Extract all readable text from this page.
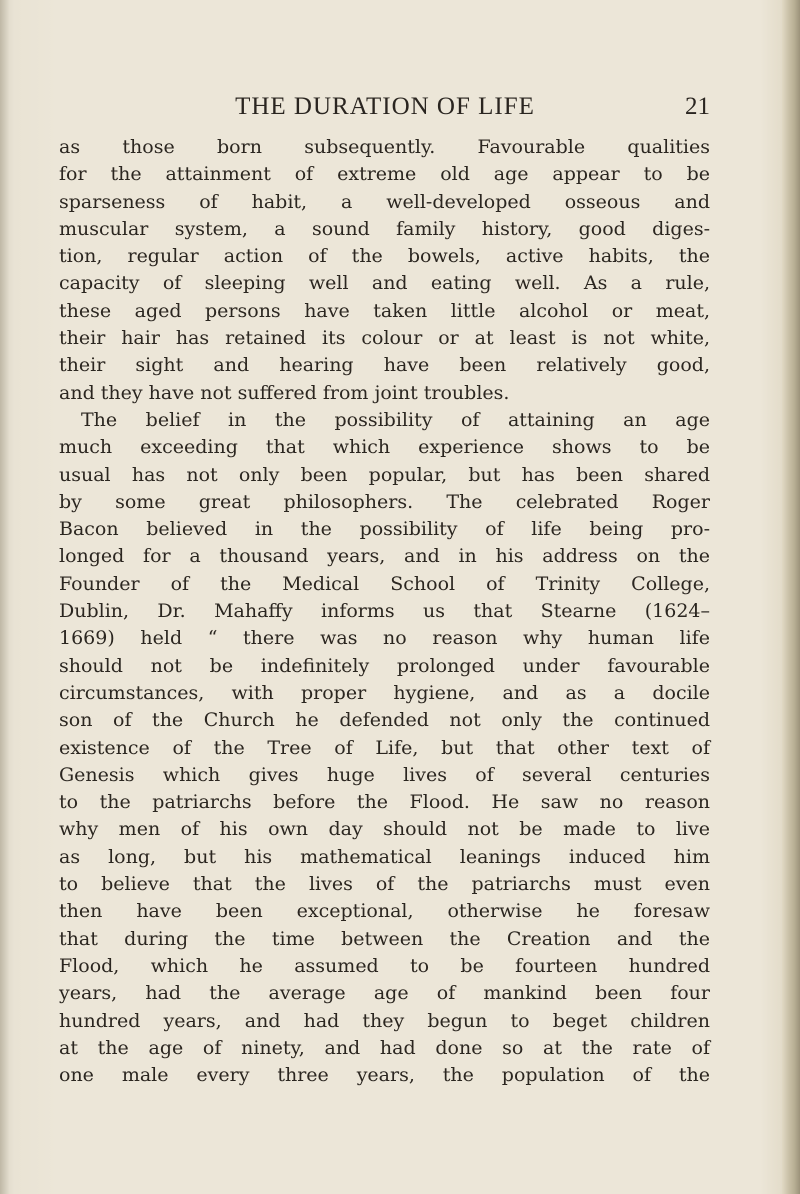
THE DURATION OF LIFE	21
as those born subsequently. Favourable qualities
for the attainment of extreme old age appear to be
sparseness of habit, a well-developed osseous and
muscular system, a sound family history, good diges-
tion, regular action of the bowels, active habits, the
capacity of sleeping well and eating well. As a rule,
these aged persons have taken little alcohol or meat,
their hair has retained its colour or at least is not white,
their sight and hearing have been relatively good,
and they have not suffered from joint troubles.
The belief in the possibility of attaining an age
much exceeding that which experience shows to be
usual has not only been popular, but has been shared
by some great philosophers. The celebrated Roger
Bacon believed in the possibility of life being pro-
longed for a thousand years, and in his address on the
Founder of the Medical School of Trinity College,
Dublin, Dr. Mahaffy informs us that Stearne (1624–
1669) held “ there was no reason why human life
should not be indefinitely prolonged under favourable
circumstances, with proper hygiene, and as a docile
son of the Church he defended not only the continued
existence of the Tree of Life, but that other text of
Genesis which gives huge lives of several centuries
to the patriarchs before the Flood. He saw no reason
why men of his own day should not be made to live
as long, but his mathematical leanings induced him
to believe that the lives of the patriarchs must even
then have been exceptional, otherwise he foresaw
that during the time between the Creation and the
Flood, which he assumed to be fourteen hundred
years, had the average age of mankind been four
hundred years, and had they begun to beget children
at the age of ninety, and had done so at the rate of
one male every three years, the population of the
